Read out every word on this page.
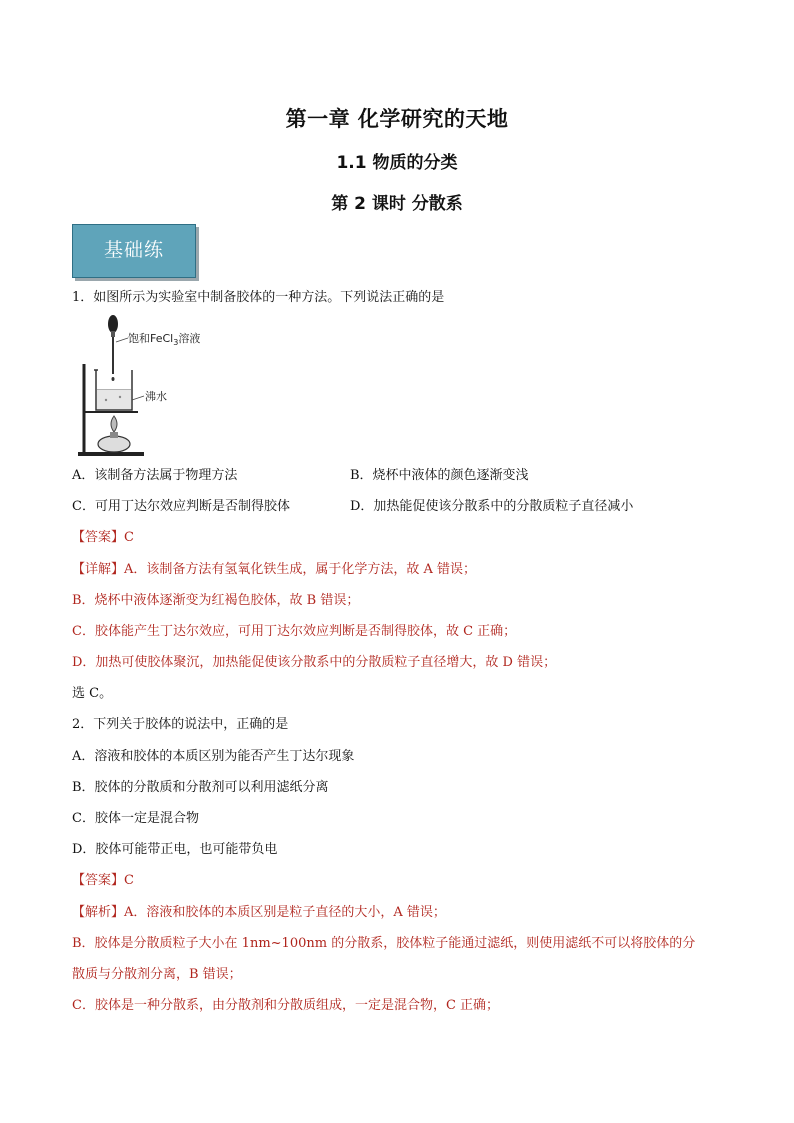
第一章 化学研究的天地
1.1 物质的分类
第 2 课时 分散系
基础练
1．如图所示为实验室中制备胶体的一种方法。下列说法正确的是
饱和FeCl$_3$溶液
沸水
A．该制备方法属于物理方法	B．烧杯中液体的颜色逐渐变浅
C．可用丁达尔效应判断是否制得胶体	D．加热能促使该分散系中的分散质粒子直径减小
【答案】C
【详解】A．该制备方法有氢氧化铁生成，属于化学方法，故 A 错误；
B．烧杯中液体逐渐变为红褐色胶体，故 B 错误；
C．胶体能产生丁达尔效应，可用丁达尔效应判断是否制得胶体，故 C 正确；
D．加热可使胶体聚沉，加热能促使该分散系中的分散质粒子直径增大，故 D 错误；
选 C。
2．下列关于胶体的说法中，正确的是
A．溶液和胶体的本质区别为能否产生丁达尔现象
B．胶体的分散质和分散剂可以利用滤纸分离
C．胶体一定是混合物
D．胶体可能带正电，也可能带负电
【答案】C
【解析】A．溶液和胶体的本质区别是粒子直径的大小，A 错误；
B．胶体是分散质粒子大小在 1nm~100nm 的分散系，胶体粒子能通过滤纸，则使用滤纸不可以将胶体的分
散质与分散剂分离，B 错误；
C．胶体是一种分散系，由分散剂和分散质组成，一定是混合物，C 正确；
